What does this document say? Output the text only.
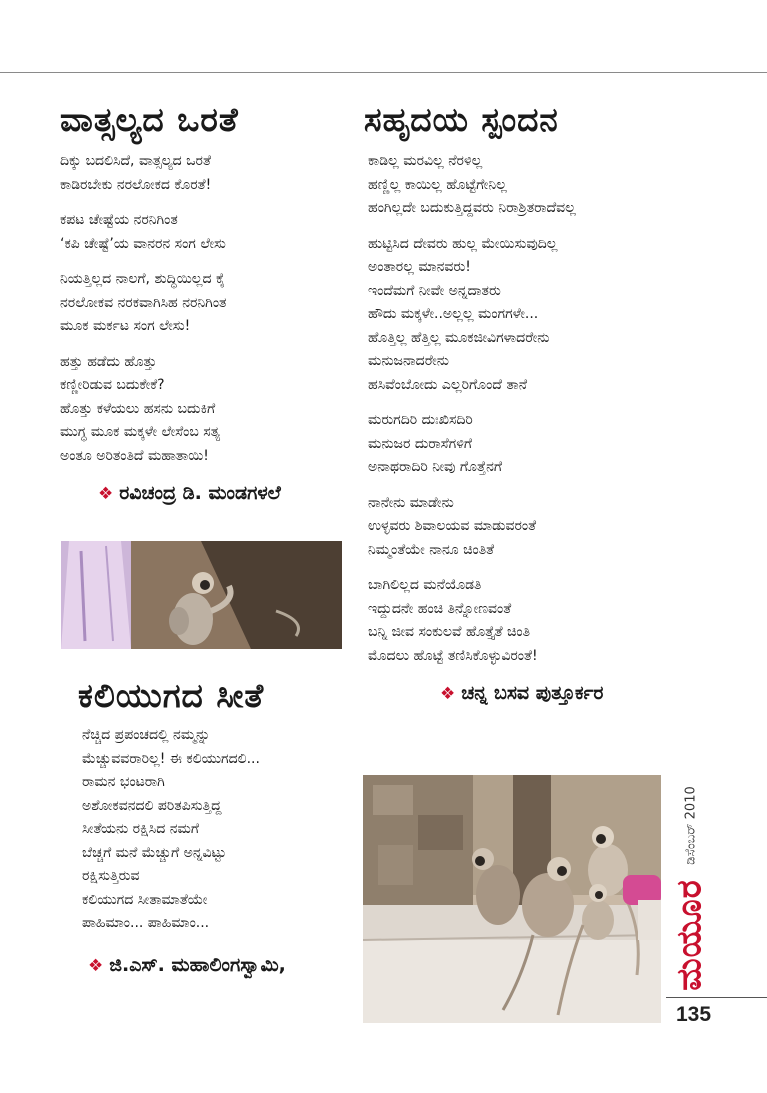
ವಾತ್ಸಲ್ಯದ ಒರತೆ
ದಿಕ್ಕು ಬದಲಿಸಿದೆ, ವಾತ್ಸಲ್ಯದ ಒರತೆ
ಕಾಡಿರಬೇಕು ನರಲೋಕದ ಕೊರತೆ!
ಕಪಟ ಚೇಷ್ಟೆಯ ನರನಿಗಿಂತ
‘ಕಪಿ ಚೇಷ್ಟೆ’ಯ ವಾನರನ ಸಂಗ ಲೇಸು
ನಿಯತ್ತಿಲ್ಲದ ನಾಲಗೆ, ಶುದ್ಧಿಯಿಲ್ಲದ ಕೈ
ನರಲೋಕವ ನರಕವಾಗಿಸಿಹ ನರನಿಗಿಂತ
ಮೂಕ ಮರ್ಕಟ ಸಂಗ ಲೇಸು!
ಹತ್ತು ಹಡೆದು ಹೊತ್ತು
ಕಣ್ಣೀರಿಡುವ ಬದುಕೇಕೆ?
ಹೊತ್ತು ಕಳೆಯಲು ಹಸನು ಬದುಕಿಗೆ
ಮುಗ್ಧ ಮೂಕ ಮಕ್ಕಳೇ ಲೇಸೆಂಬ ಸತ್ಯ
ಅಂತೂ ಅರಿತಂತಿದೆ ಮಹಾತಾಯಿ!
❖ ರವಿಚಂದ್ರ ಡಿ. ಮಂಡಗಳಲೆ
ಕಲಿಯುಗದ ಸೀತೆ
ನೆಚ್ಚಿದ ಪ್ರಪಂಚದಲ್ಲಿ ನಮ್ಮನ್ನು
ಮೆಚ್ಚುವವರಾರಿಲ್ಲ! ಈ ಕಲಿಯುಗದಲಿ...
ರಾಮನ ಭಂಟರಾಗಿ
ಅಶೋಕವನದಲಿ ಪರಿತಪಿಸುತ್ತಿದ್ದ
ಸೀತೆಯನು ರಕ್ಷಿಸಿದ ನಮಗೆ
ಬೆಚ್ಚಗೆ ಮನೆ ಮೆಚ್ಚುಗೆ ಅನ್ನವಿಟ್ಟು
ರಕ್ಷಿಸುತ್ತಿರುವ
ಕಲಿಯುಗದ ಸೀತಾಮಾತೆಯೇ
ಪಾಹಿಮಾಂ... ಪಾಹಿಮಾಂ...
❖ ಜಿ.ಎಸ್. ಮಹಾಲಿಂಗಸ್ವಾಮಿ,
ಸಹೃದಯ ಸ್ಪಂದನ
ಕಾಡಿಲ್ಲ ಮರವಿಲ್ಲ ನೆರಳಿಲ್ಲ
ಹಣ್ಣಿಲ್ಲ ಕಾಯಿಲ್ಲ ಹೊಟ್ಟೆಗೇನಿಲ್ಲ
ಹಂಗಿಲ್ಲದೇ ಬದುಕುತ್ತಿದ್ದವರು ನಿರಾಶ್ರಿತರಾದೆವಲ್ಲ
ಹುಟ್ಟಿಸಿದ ದೇವರು ಹುಲ್ಲ ಮೇಯಿಸುವುದಿಲ್ಲ
ಅಂತಾರಲ್ಲ ಮಾನವರು!
ಇಂದೆಮಗೆ ನೀವೇ ಅನ್ನದಾತರು
ಹೌದು ಮಕ್ಕಳೇ..ಅಲ್ಲಲ್ಲ ಮಂಗಗಳೇ...
ಹೊತ್ತಿಲ್ಲ ಹೆತ್ತಿಲ್ಲ ಮೂಕಜೀವಿಗಳಾದರೇನು
ಮನುಜನಾದರೇನು
ಹಸಿವೆಂಬೋದು ಎಲ್ಲರಿಗೊಂದೆ ತಾನೆ
ಮರುಗದಿರಿ ದುಃಖಿಸದಿರಿ
ಮನುಜರ ದುರಾಸೆಗಳಿಗೆ
ಅನಾಥರಾದಿರಿ ನೀವು ಗೊತ್ತೆನಗೆ
ನಾನೇನು ಮಾಡೇನು
ಉಳ್ಳವರು ಶಿವಾಲಯವ ಮಾಡುವರಂತೆ
ನಿಮ್ಮಂತೆಯೇ ನಾನೂ ಚಿಂತಿತೆ
ಬಾಗಿಲಿಲ್ಲದ ಮನೆಯೊಡತಿ
ಇದ್ದುದನೇ ಹಂಚಿ ತಿನ್ನೋಣವಂತೆ
ಬನ್ನಿ ಜೀವ ಸಂಕುಲವೆ ಹೊತ್ತೈತೆ ಚಿಂತಿ
ಮೊದಲು ಹೊಟ್ಟೆ ತಣಿಸಿಕೊಳ್ಳುವಿರಂತೆ!
❖ ಚನ್ನ ಬಸವ ಪುತ್ತೂರ್ಕರ
ಡಿಸೆಂಬರ್ 2010
ಮಯೂರ
135
